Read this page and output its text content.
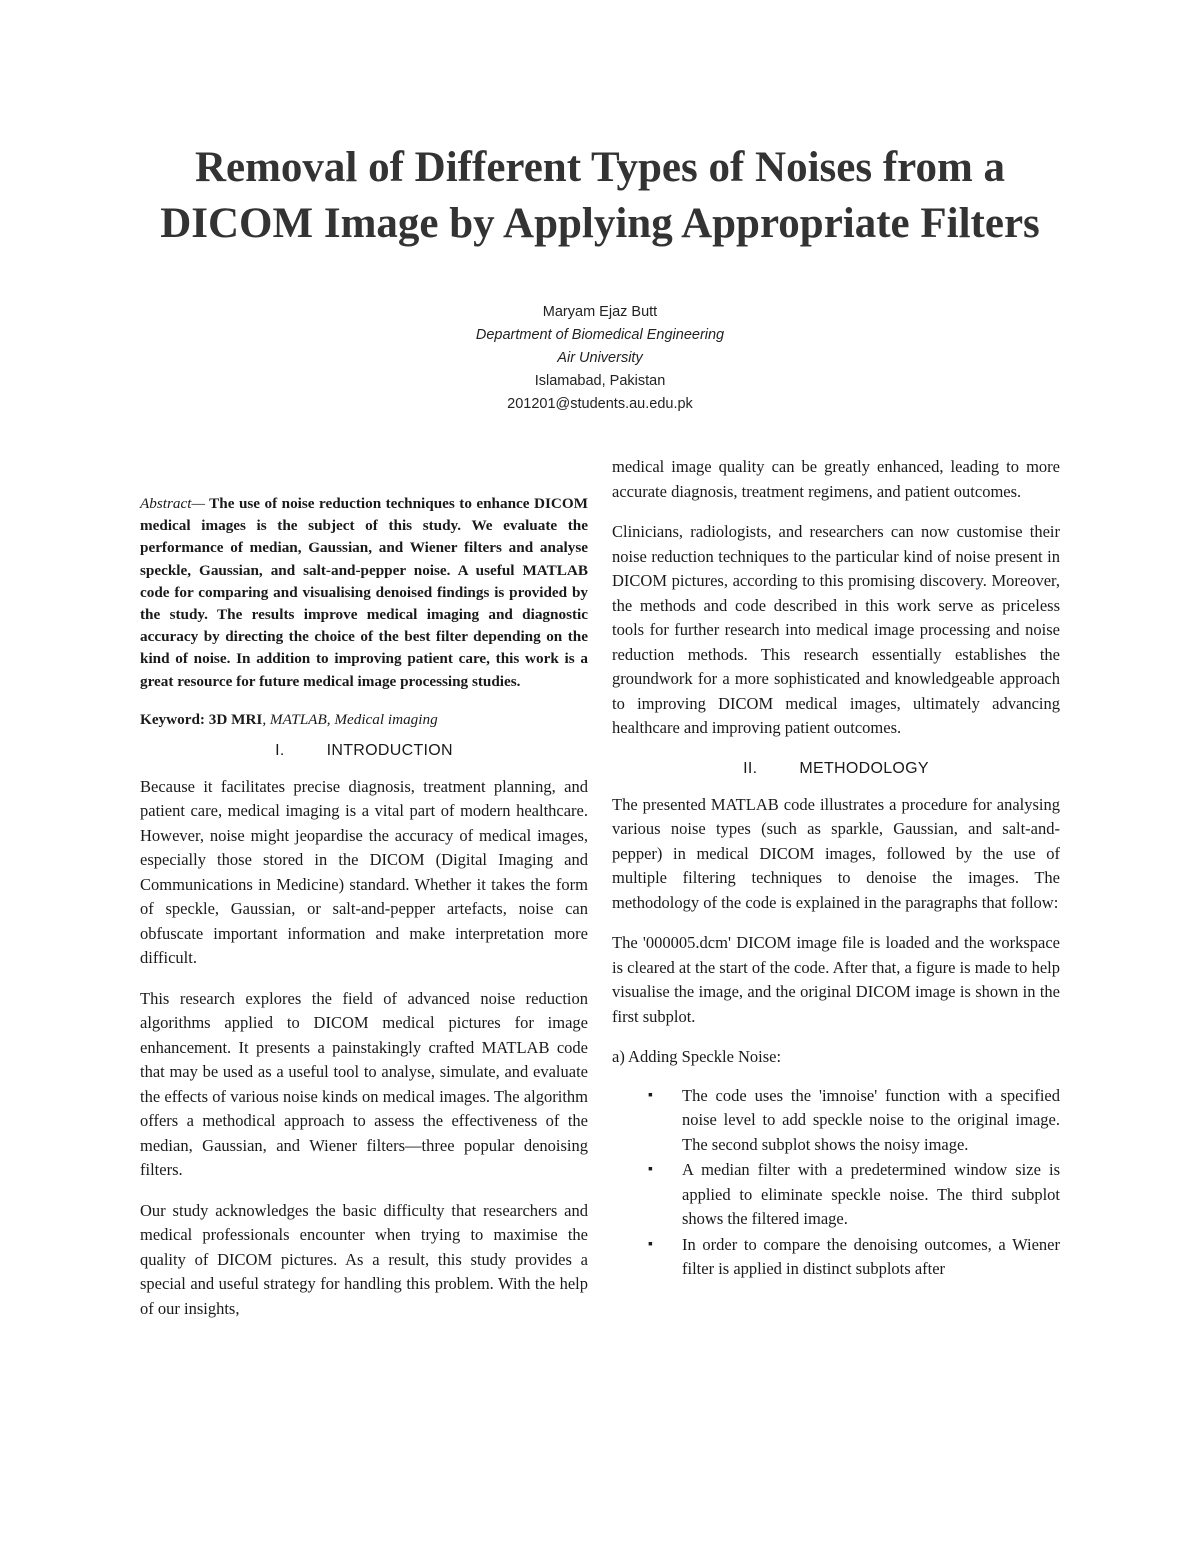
Removal of Different Types of Noises from a
DICOM Image by Applying Appropriate Filters
Maryam Ejaz Butt
Department of Biomedical Engineering
Air University
Islamabad, Pakistan
201201@students.au.edu.pk

Abstract— The use of noise reduction techniques to enhance DICOM medical images is the subject of this study. We evaluate the performance of median, Gaussian, and Wiener filters and analyse speckle, Gaussian, and salt-and-pepper noise. A useful MATLAB code for comparing and visualising denoised findings is provided by the study. The results improve medical imaging and diagnostic accuracy by directing the choice of the best filter depending on the kind of noise. In addition to improving patient care, this work is a great resource for future medical image processing studies.

Keyword: 3D MRI, MATLAB, Medical imaging

I.	INTRODUCTION

Because it facilitates precise diagnosis, treatment planning, and patient care, medical imaging is a vital part of modern healthcare. However, noise might jeopardise the accuracy of medical images, especially those stored in the DICOM (Digital Imaging and Communications in Medicine) standard. Whether it takes the form of speckle, Gaussian, or salt-and-pepper artefacts, noise can obfuscate important information and make interpretation more difficult.

This research explores the field of advanced noise reduction algorithms applied to DICOM medical pictures for image enhancement. It presents a painstakingly crafted MATLAB code that may be used as a useful tool to analyse, simulate, and evaluate the effects of various noise kinds on medical images. The algorithm offers a methodical approach to assess the effectiveness of the median, Gaussian, and Wiener filters—three popular denoising filters.

Our study acknowledges the basic difficulty that researchers and medical professionals encounter when trying to maximise the quality of DICOM pictures. As a result, this study provides a special and useful strategy for handling this problem. With the help of our insights,

medical image quality can be greatly enhanced, leading to more accurate diagnosis, treatment regimens, and patient outcomes.

Clinicians, radiologists, and researchers can now customise their noise reduction techniques to the particular kind of noise present in DICOM pictures, according to this promising discovery. Moreover, the methods and code described in this work serve as priceless tools for further research into medical image processing and noise reduction methods. This research essentially establishes the groundwork for a more sophisticated and knowledgeable approach to improving DICOM medical images, ultimately advancing healthcare and improving patient outcomes.

II.	METHODOLOGY

The presented MATLAB code illustrates a procedure for analysing various noise types (such as sparkle, Gaussian, and salt-and-pepper) in medical DICOM images, followed by the use of multiple filtering techniques to denoise the images. The methodology of the code is explained in the paragraphs that follow:

The '000005.dcm' DICOM image file is loaded and the workspace is cleared at the start of the code. After that, a figure is made to help visualise the image, and the original DICOM image is shown in the first subplot.

a) Adding Speckle Noise:
▪ The code uses the 'imnoise' function with a specified noise level to add speckle noise to the original image. The second subplot shows the noisy image.
▪ A median filter with a predetermined window size is applied to eliminate speckle noise. The third subplot shows the filtered image.
▪ In order to compare the denoising outcomes, a Wiener filter is applied in distinct subplots after
